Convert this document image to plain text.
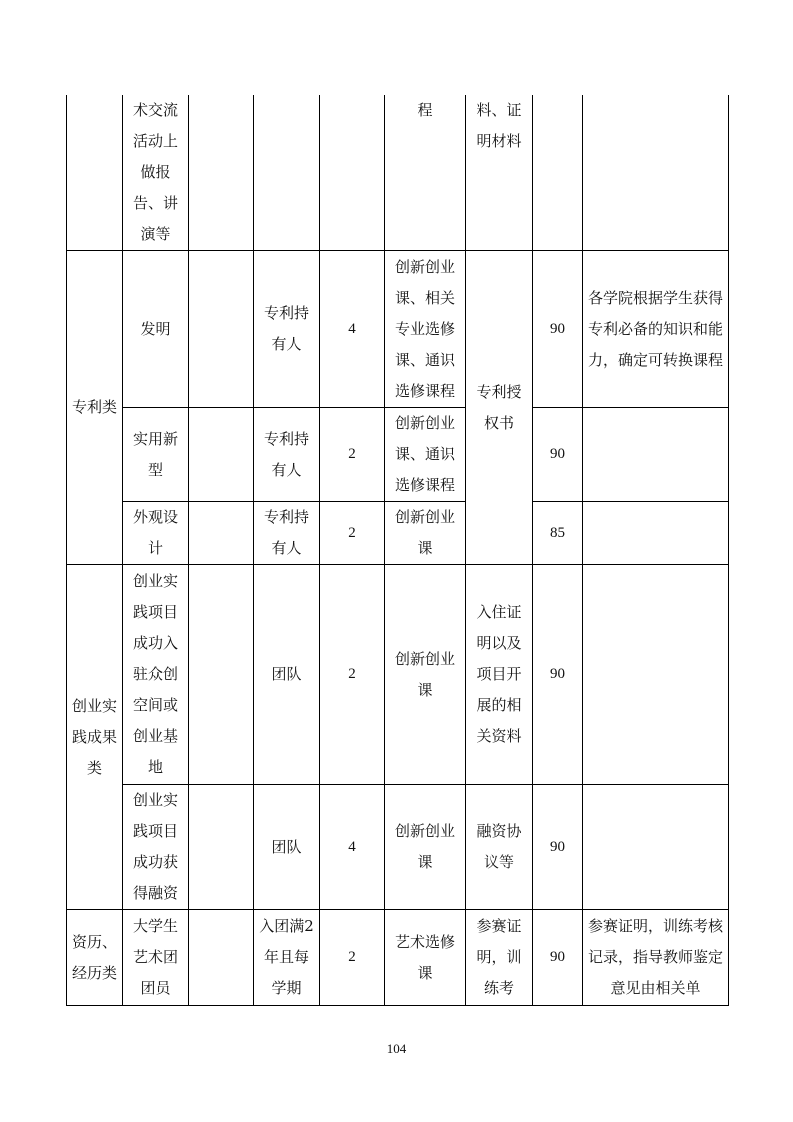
	术交流活动上做报告、讲演等				程	料、证明材料		
专利类	发明		专利持有人	4	创新创业课、相关专业选修课、通识选修课程	专利授权书	90	各学院根据学生获得专利必备的知识和能力，确定可转换课程
	实用新型		专利持有人	2	创新创业课、通识选修课程		90	
	外观设计		专利持有人	2	创新创业课		85	
创业实践成果类	创业实践项目成功入驻众创空间或创业基地		团队	2	创新创业课	入住证明以及项目开展的相关资料	90	
	创业实践项目成功获得融资		团队	4	创新创业课	融资协议等	90	
资历、经历类	大学生艺术团团员		入团满2年且每学期	2	艺术选修课	参赛证明，训练考	90	参赛证明，训练考核记录，指导教师鉴定意见由相关单
104
